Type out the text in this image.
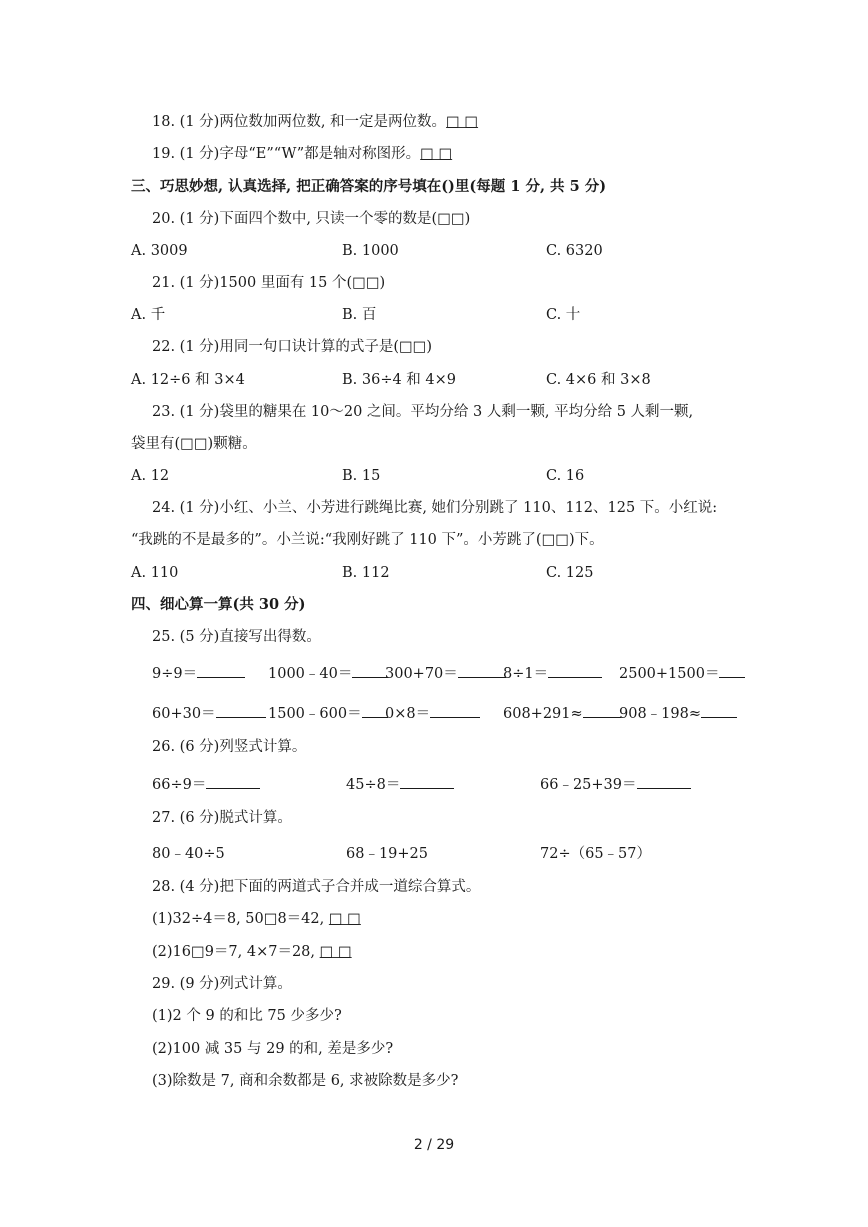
18. (1 分)两位数加两位数, 和一定是两位数。□ □
19. (1 分)字母“E”“W”都是轴对称图形。□ □
三、巧思妙想, 认真选择, 把正确答案的序号填在()里(每题 1 分, 共 5 分)
20. (1 分)下面四个数中, 只读一个零的数是(□□)
A. 3009	B. 1000	C. 6320
21. (1 分)1500 里面有 15 个(□□)
A. 千	B. 百	C. 十
22. (1 分)用同一句口诀计算的式子是(□□)
A. 12÷6 和 3×4	B. 36÷4 和 4×9	C. 4×6 和 3×8
23. (1 分)袋里的糖果在 10～20 之间。平均分给 3 人剩一颗, 平均分给 5 人剩一颗,
袋里有(□□)颗糖。
A. 12	B. 15	C. 16
24. (1 分)小红、小兰、小芳进行跳绳比赛, 她们分别跳了 110、112、125 下。小红说:
“我跳的不是最多的”。小兰说:“我刚好跳了 110 下”。小芳跳了(□□)下。
A. 110	B. 112	C. 125
四、细心算一算(共 30 分)
25. (5 分)直接写出得数。
9÷9＝	1000﹣40＝	300+70＝	8÷1＝	2500+1500＝
60+30＝	1500﹣600＝	0×8＝	608+291≈	908﹣198≈
26. (6 分)列竖式计算。
66÷9＝	45÷8＝	66﹣25+39＝
27. (6 分)脱式计算。
80﹣40÷5	68﹣19+25	72÷（65﹣57）
28. (4 分)把下面的两道式子合并成一道综合算式。
(1)32÷4＝8, 50□8＝42, □ □
(2)16□9＝7, 4×7＝28, □ □
29. (9 分)列式计算。
(1)2 个 9 的和比 75 少多少?
(2)100 减 35 与 29 的和, 差是多少?
(3)除数是 7, 商和余数都是 6, 求被除数是多少?
2 / 29
